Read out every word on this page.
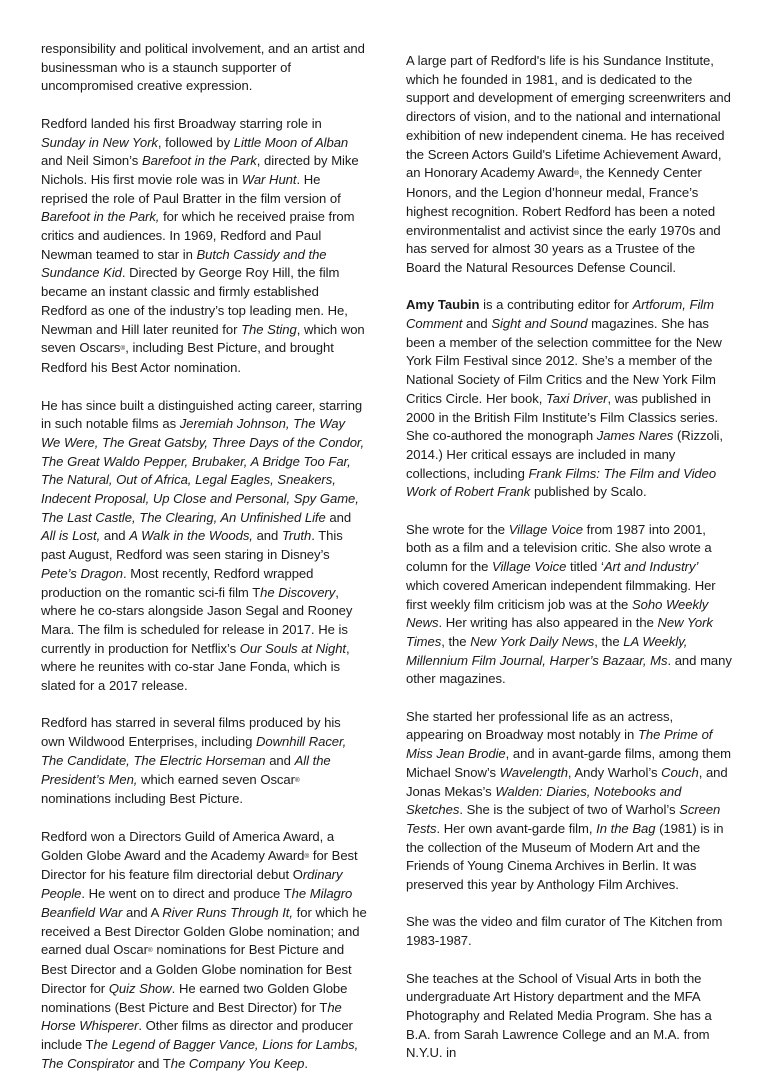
responsibility and political involvement, and an artist and businessman who is a staunch supporter of uncompromised creative expression.

Redford landed his first Broadway starring role in Sunday in New York, followed by Little Moon of Alban and Neil Simon’s Barefoot in the Park, directed by Mike Nichols. His first movie role was in War Hunt. He reprised the role of Paul Bratter in the film version of Barefoot in the Park, for which he received praise from critics and audiences. In 1969, Redford and Paul Newman teamed to star in Butch Cassidy and the Sundance Kid. Directed by George Roy Hill, the film became an instant classic and firmly established Redford as one of the industry’s top leading men. He, Newman and Hill later reunited for The Sting, which won seven Oscars®, including Best Picture, and brought Redford his Best Actor nomination.

He has since built a distinguished acting career, starring in such notable films as Jeremiah Johnson, The Way We Were, The Great Gatsby, Three Days of the Condor, The Great Waldo Pepper, Brubaker, A Bridge Too Far, The Natural, Out of Africa, Legal Eagles, Sneakers, Indecent Proposal, Up Close and Personal, Spy Game, The Last Castle, The Clearing, An Unfinished Life and All is Lost, and A Walk in the Woods, and Truth. This past August, Redford was seen staring in Disney’s Pete’s Dragon. Most recently, Redford wrapped production on the romantic sci-fi film The Discovery, where he co-stars alongside Jason Segal and Rooney Mara. The film is scheduled for release in 2017. He is currently in production for Netflix’s Our Souls at Night, where he reunites with co-star Jane Fonda, which is slated for a 2017 release.

Redford has starred in several films produced by his own Wildwood Enterprises, including Downhill Racer, The Candidate, The Electric Horseman and All the President’s Men, which earned seven Oscar® nominations including Best Picture.

Redford won a Directors Guild of America Award, a Golden Globe Award and the Academy Award® for Best Director for his feature film directorial debut Ordinary People. He went on to direct and produce The Milagro Beanfield War and A River Runs Through It, for which he received a Best Director Golden Globe nomination; and earned dual Oscar® nominations for Best Picture and Best Director and a Golden Globe nomination for Best Director for Quiz Show. He earned two Golden Globe nominations (Best Picture and Best Director) for The Horse Whisperer. Other films as director and producer include The Legend of Bagger Vance, Lions for Lambs, The Conspirator and The Company You Keep.

A large part of Redford's life is his Sundance Institute, which he founded in 1981, and is dedicated to the support and development of emerging screenwriters and directors of vision, and to the national and international exhibition of new independent cinema. He has received the Screen Actors Guild's Lifetime Achievement Award, an Honorary Academy Award®, the Kennedy Center Honors, and the Legion d’honneur medal, France’s highest recognition. Robert Redford has been a noted environmentalist and activist since the early 1970s and has served for almost 30 years as a Trustee of the Board the Natural Resources Defense Council.

Amy Taubin is a contributing editor for Artforum, Film Comment and Sight and Sound magazines. She has been a member of the selection committee for the New York Film Festival since 2012. She’s a member of the National Society of Film Critics and the New York Film Critics Circle. Her book, Taxi Driver, was published in 2000 in the British Film Institute’s Film Classics series. She co-authored the monograph James Nares (Rizzoli, 2014.) Her critical essays are included in many collections, including Frank Films: The Film and Video Work of Robert Frank published by Scalo.

She wrote for the Village Voice from 1987 into 2001, both as a film and a television critic. She also wrote a column for the Village Voice titled ‘Art and Industry’ which covered American independent filmmaking. Her first weekly film criticism job was at the Soho Weekly News. Her writing has also appeared in the New York Times, the New York Daily News, the LA Weekly, Millennium Film Journal, Harper’s Bazaar, Ms. and many other magazines.

She started her professional life as an actress, appearing on Broadway most notably in The Prime of Miss Jean Brodie, and in avant-garde films, among them Michael Snow’s Wavelength, Andy Warhol’s Couch, and Jonas Mekas’s Walden: Diaries, Notebooks and Sketches. She is the subject of two of Warhol’s Screen Tests. Her own avant-garde film, In the Bag (1981) is in the collection of the Museum of Modern Art and the Friends of Young Cinema Archives in Berlin. It was preserved this year by Anthology Film Archives.

She was the video and film curator of The Kitchen from 1983-1987.

She teaches at the School of Visual Arts in both the undergraduate Art History department and the MFA Photography and Related Media Program. She has a B.A. from Sarah Lawrence College and an M.A. from N.Y.U. in
